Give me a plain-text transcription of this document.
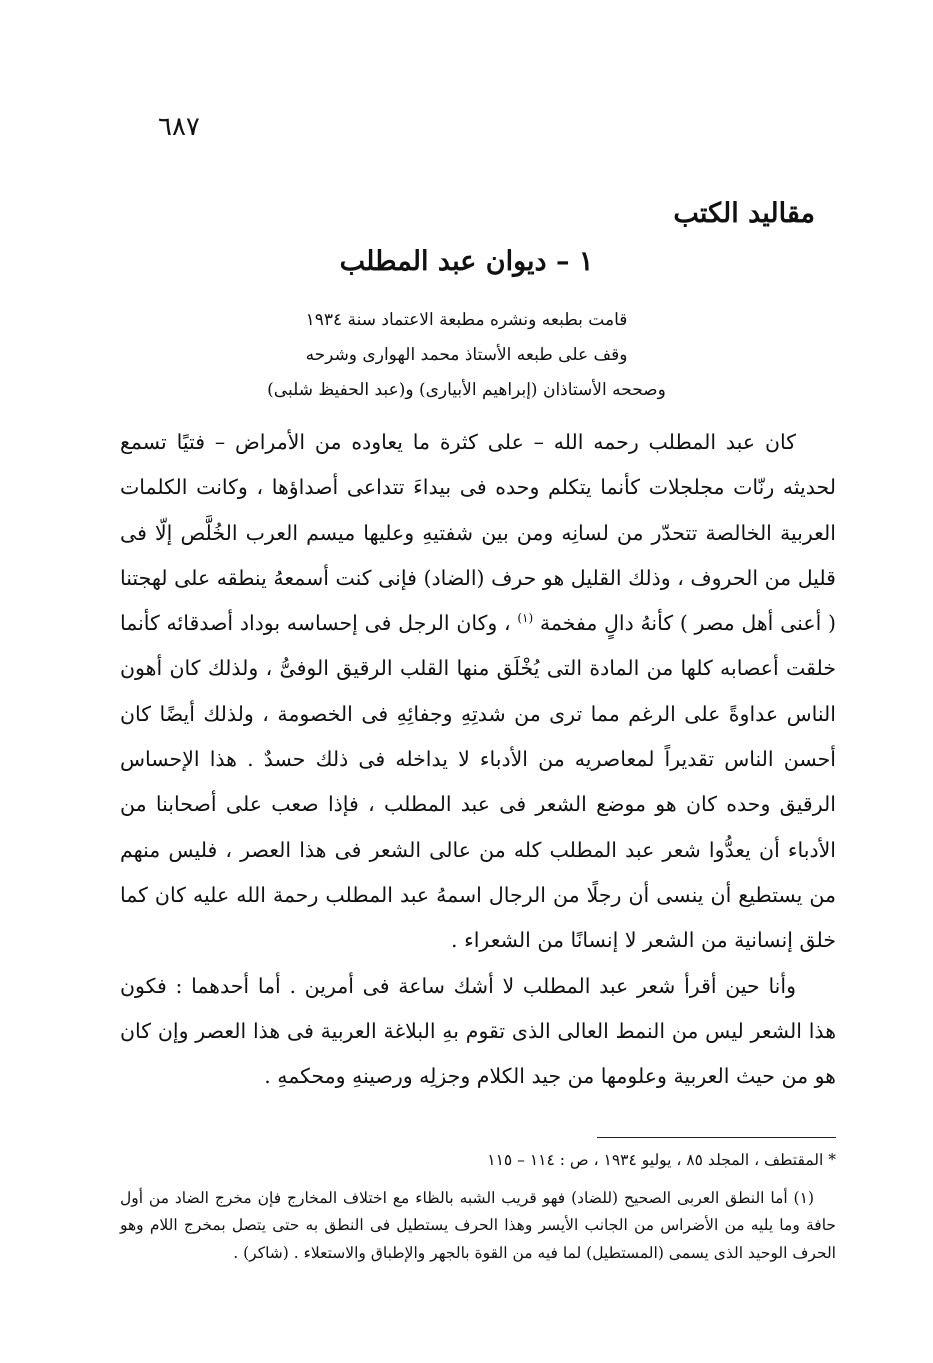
٦٨٧
مقاليد الكتب
١ – ديوان عبد المطلب
قامت بطبعه ونشره مطبعة الاعتماد سنة ١٩٣٤
وقف على طبعه الأستاذ محمد الهوارى وشرحه
وصححه الأستاذان (إبراهيم الأبيارى) و(عبد الحفيظ شلبى)

كان عبد المطلب رحمه الله – على كثرة ما يعاوده من الأمراض – فتيًا تسمع لحديثه رنّات مجلجلات كأنما يتكلم وحده فى بيداءَ تتداعى أصداؤها ، وكانت الكلمات العربية الخالصة تتحدّر من لسانِه ومن بين شفتيهِ وعليها ميسم العرب الخُلَّص إلّا فى قليل من الحروف ، وذلك القليل هو حرف (الضاد) فإنى كنت أسمعهُ ينطقه على لهجتنا ( أعنى أهل مصر ) كأنهُ دالٍ مفخمة $^{(١)}$ ، وكان الرجل فى إحساسه بوداد أصدقائه كأنما خلقت أعصابه كلها من المادة التى يُخْلَق منها القلب الرقيق الوفىُّ ، ولذلك كان أهون الناس عداوةً على الرغم مما ترى من شدتِهِ وجفائِهِ فى الخصومة ، ولذلك أيضًا كان أحسن الناس تقديراً لمعاصريه من الأدباء لا يداخله فى ذلك حسدٌ . هذا الإحساس الرقيق وحده كان هو موضع الشعر فى عبد المطلب ، فإذا صعب على أصحابنا من الأدباء أن يعدُّوا شعر عبد المطلب كله من عالى الشعر فى هذا العصر ، فليس منهم من يستطيع أن ينسى أن رجلًا من الرجال اسمهُ عبد المطلب رحمة الله عليه كان كما خلق إنسانية من الشعر لا إنسانًا من الشعراء .

وأنا حين أقرأ شعر عبد المطلب لا أشك ساعة فى أمرين . أما أحدهما : فكون هذا الشعر ليس من النمط العالى الذى تقوم بهِ البلاغة العربية فى هذا العصر وإن كان هو من حيث العربية وعلومها من جيد الكلام وجزلِه ورصينهِ ومحكمهِ .

* المقتطف ، المجلد ٨٥ ، يوليو ١٩٣٤ ، ص : ١١٤ – ١١٥

(١) أما النطق العربى الصحيح (للضاد) فهو قريب الشبه بالظاء مع اختلاف المخارج فإن مخرج الضاد من أول حافة وما يليه من الأضراس من الجانب الأيسر وهذا الحرف يستطيل فى النطق به حتى يتصل بمخرج اللام وهو الحرف الوحيد الذى يسمى (المستطيل) لما فيه من القوة بالجهر والإطباق والاستعلاء . (شاكر) .
